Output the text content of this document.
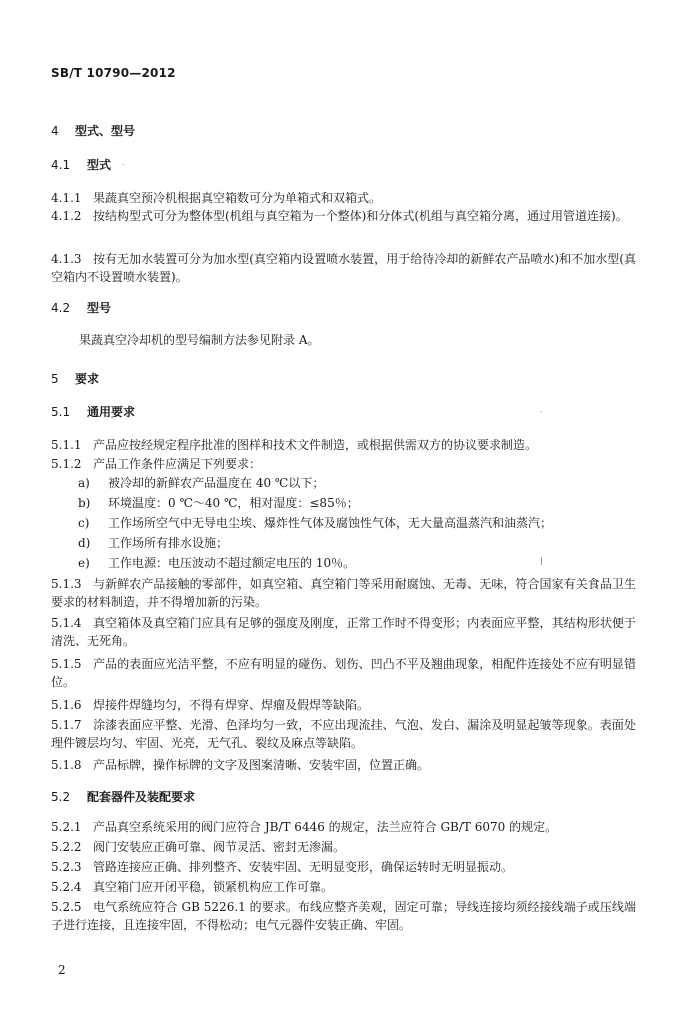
SB/T 10790—2012
4 型式、型号
4.1 型式
4.1.1 果蔬真空预冷机根据真空箱数可分为单箱式和双箱式。
4.1.2 按结构型式可分为整体型(机组与真空箱为一个整体)和分体式(机组与真空箱分离，通过用管道连接)。
4.1.3 按有无加水装置可分为加水型(真空箱内设置喷水装置，用于给待冷却的新鲜农产品喷水)和不加水型(真空箱内不设置喷水装置)。
4.2 型号
果蔬真空冷却机的型号编制方法参见附录 A。
5 要求
5.1 通用要求
5.1.1 产品应按经规定程序批准的图样和技术文件制造，或根据供需双方的协议要求制造。
5.1.2 产品工作条件应满足下列要求：
a) 被冷却的新鲜农产品温度在 40 ℃以下；
b) 环境温度：0 ℃～40 ℃，相对湿度：≤85％；
c) 工作场所空气中无导电尘埃、爆炸性气体及腐蚀性气体，无大量高温蒸汽和油蒸汽；
d) 工作场所有排水设施；
e) 工作电源：电压波动不超过额定电压的 10％。
5.1.3 与新鲜农产品接触的零部件，如真空箱、真空箱门等采用耐腐蚀、无毒、无味，符合国家有关食品卫生要求的材料制造，并不得增加新的污染。
5.1.4 真空箱体及真空箱门应具有足够的强度及刚度，正常工作时不得变形；内表面应平整，其结构形状便于清洗、无死角。
5.1.5 产品的表面应光洁平整，不应有明显的碰伤、划伤、凹凸不平及翘曲现象，相配件连接处不应有明显错位。
5.1.6 焊接件焊缝均匀，不得有焊穿、焊瘤及假焊等缺陷。
5.1.7 涂漆表面应平整、光滑、色泽均匀一致，不应出现流挂、气泡、发白、漏涂及明显起皱等现象。表面处理件镀层均匀、牢固、光亮，无气孔、裂纹及麻点等缺陷。
5.1.8 产品标牌，操作标牌的文字及图案清晰、安装牢固，位置正确。
5.2 配套器件及装配要求
5.2.1 产品真空系统采用的阀门应符合 JB/T 6446 的规定，法兰应符合 GB/T 6070 的规定。
5.2.2 阀门安装应正确可靠、阀节灵活、密封无渗漏。
5.2.3 管路连接应正确、排列整齐、安装牢固、无明显变形，确保运转时无明显振动。
5.2.4 真空箱门应开闭平稳，锁紧机构应工作可靠。
5.2.5 电气系统应符合 GB 5226.1 的要求。布线应整齐美观，固定可靠；导线连接均须经接线端子或压线端子进行连接，且连接牢固，不得松动；电气元器件安装正确、牢固。
2
